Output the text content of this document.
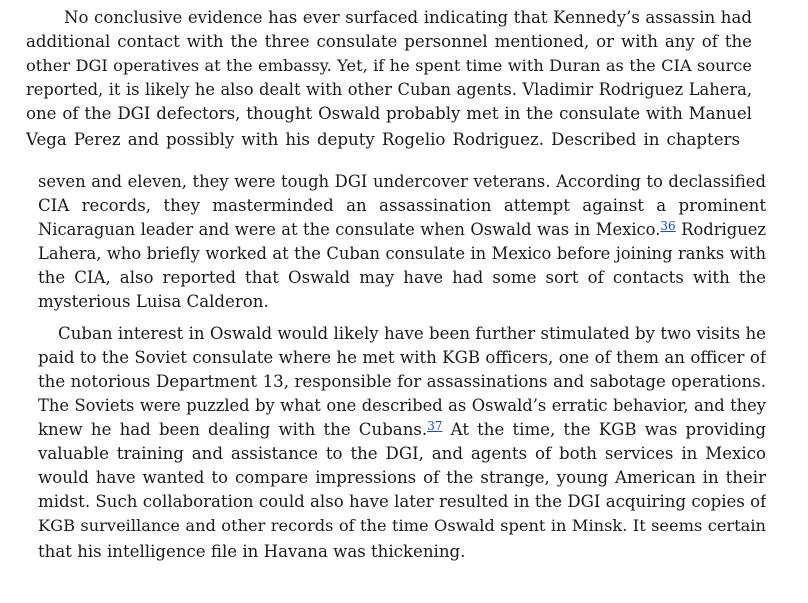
No conclusive evidence has ever surfaced indicating that Kennedy’s assassin had
additional contact with the three consulate personnel mentioned, or with any of the
other DGI operatives at the embassy. Yet, if he spent time with Duran as the CIA source
reported, it is likely he also dealt with other Cuban agents. Vladimir Rodriguez Lahera,
one of the DGI defectors, thought Oswald probably met in the consulate with Manuel
Vega Perez and possibly with his deputy Rogelio Rodriguez. Described in chapters
seven and eleven, they were tough DGI undercover veterans. According to declassified
CIA records, they masterminded an assassination attempt against a prominent
Nicaraguan leader and were at the consulate when Oswald was in Mexico.$^{36}$ Rodriguez
Lahera, who briefly worked at the Cuban consulate in Mexico before joining ranks with
the CIA, also reported that Oswald may have had some sort of contacts with the
mysterious Luisa Calderon.
Cuban interest in Oswald would likely have been further stimulated by two visits he
paid to the Soviet consulate where he met with KGB officers, one of them an officer of
the notorious Department 13, responsible for assassinations and sabotage operations.
The Soviets were puzzled by what one described as Oswald’s erratic behavior, and they
knew he had been dealing with the Cubans.$^{37}$ At the time, the KGB was providing
valuable training and assistance to the DGI, and agents of both services in Mexico
would have wanted to compare impressions of the strange, young American in their
midst. Such collaboration could also have later resulted in the DGI acquiring copies of
KGB surveillance and other records of the time Oswald spent in Minsk. It seems certain
that his intelligence file in Havana was thickening.
